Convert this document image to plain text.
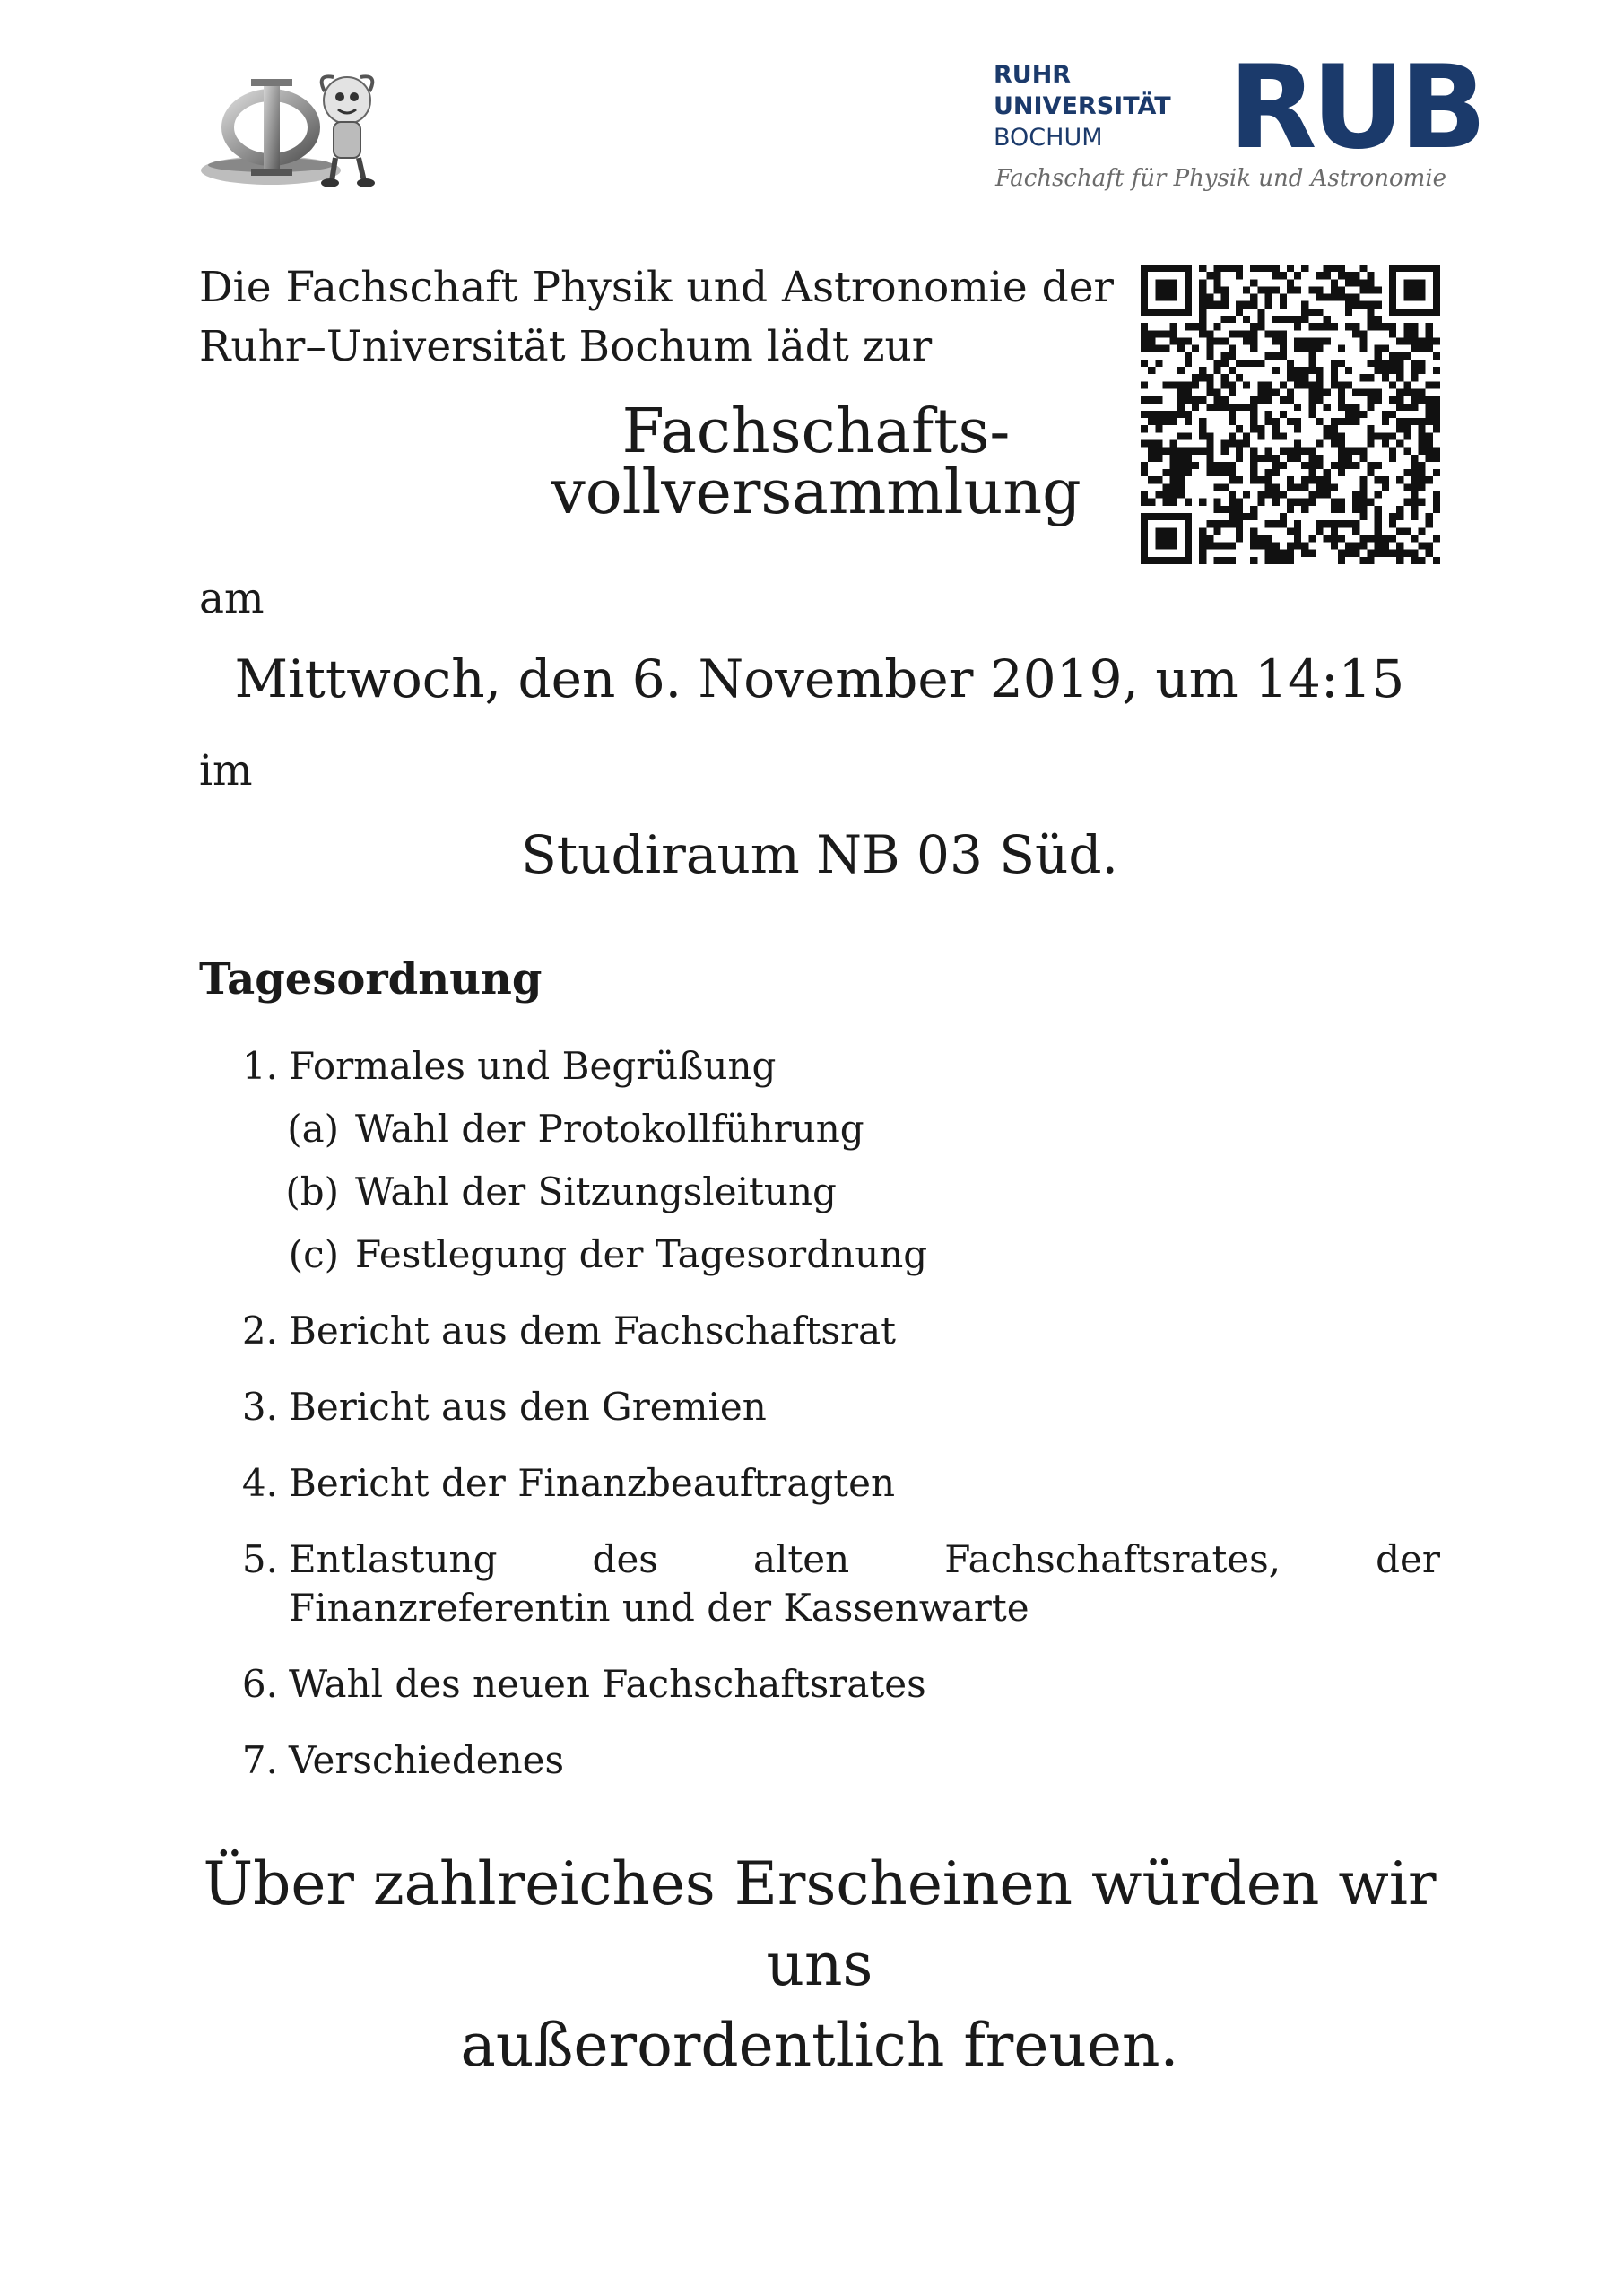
RUHR
UNIVERSITÄT
BOCHUM	RUB
Fachschaft für Physik und Astronomie
Die Fachschaft Physik und Astronomie der
Ruhr–Universität Bochum lädt zur
Fachschafts-
vollversammlung
am
Mittwoch, den 6. November 2019, um 14:15
im
Studiraum NB 03 Süd.
Tagesordnung
1. Formales und Begrüßung
(a) Wahl der Protokollführung
(b) Wahl der Sitzungsleitung
(c) Festlegung der Tagesordnung
2. Bericht aus dem Fachschaftsrat
3. Bericht aus den Gremien
4. Bericht der Finanzbeauftragten
5. Entlastung des alten Fachschaftsrates, der Finanzreferentin und der Kassenwarte
6. Wahl des neuen Fachschaftsrates
7. Verschiedenes
Über zahlreiches Erscheinen würden wir uns
außerordentlich freuen.
